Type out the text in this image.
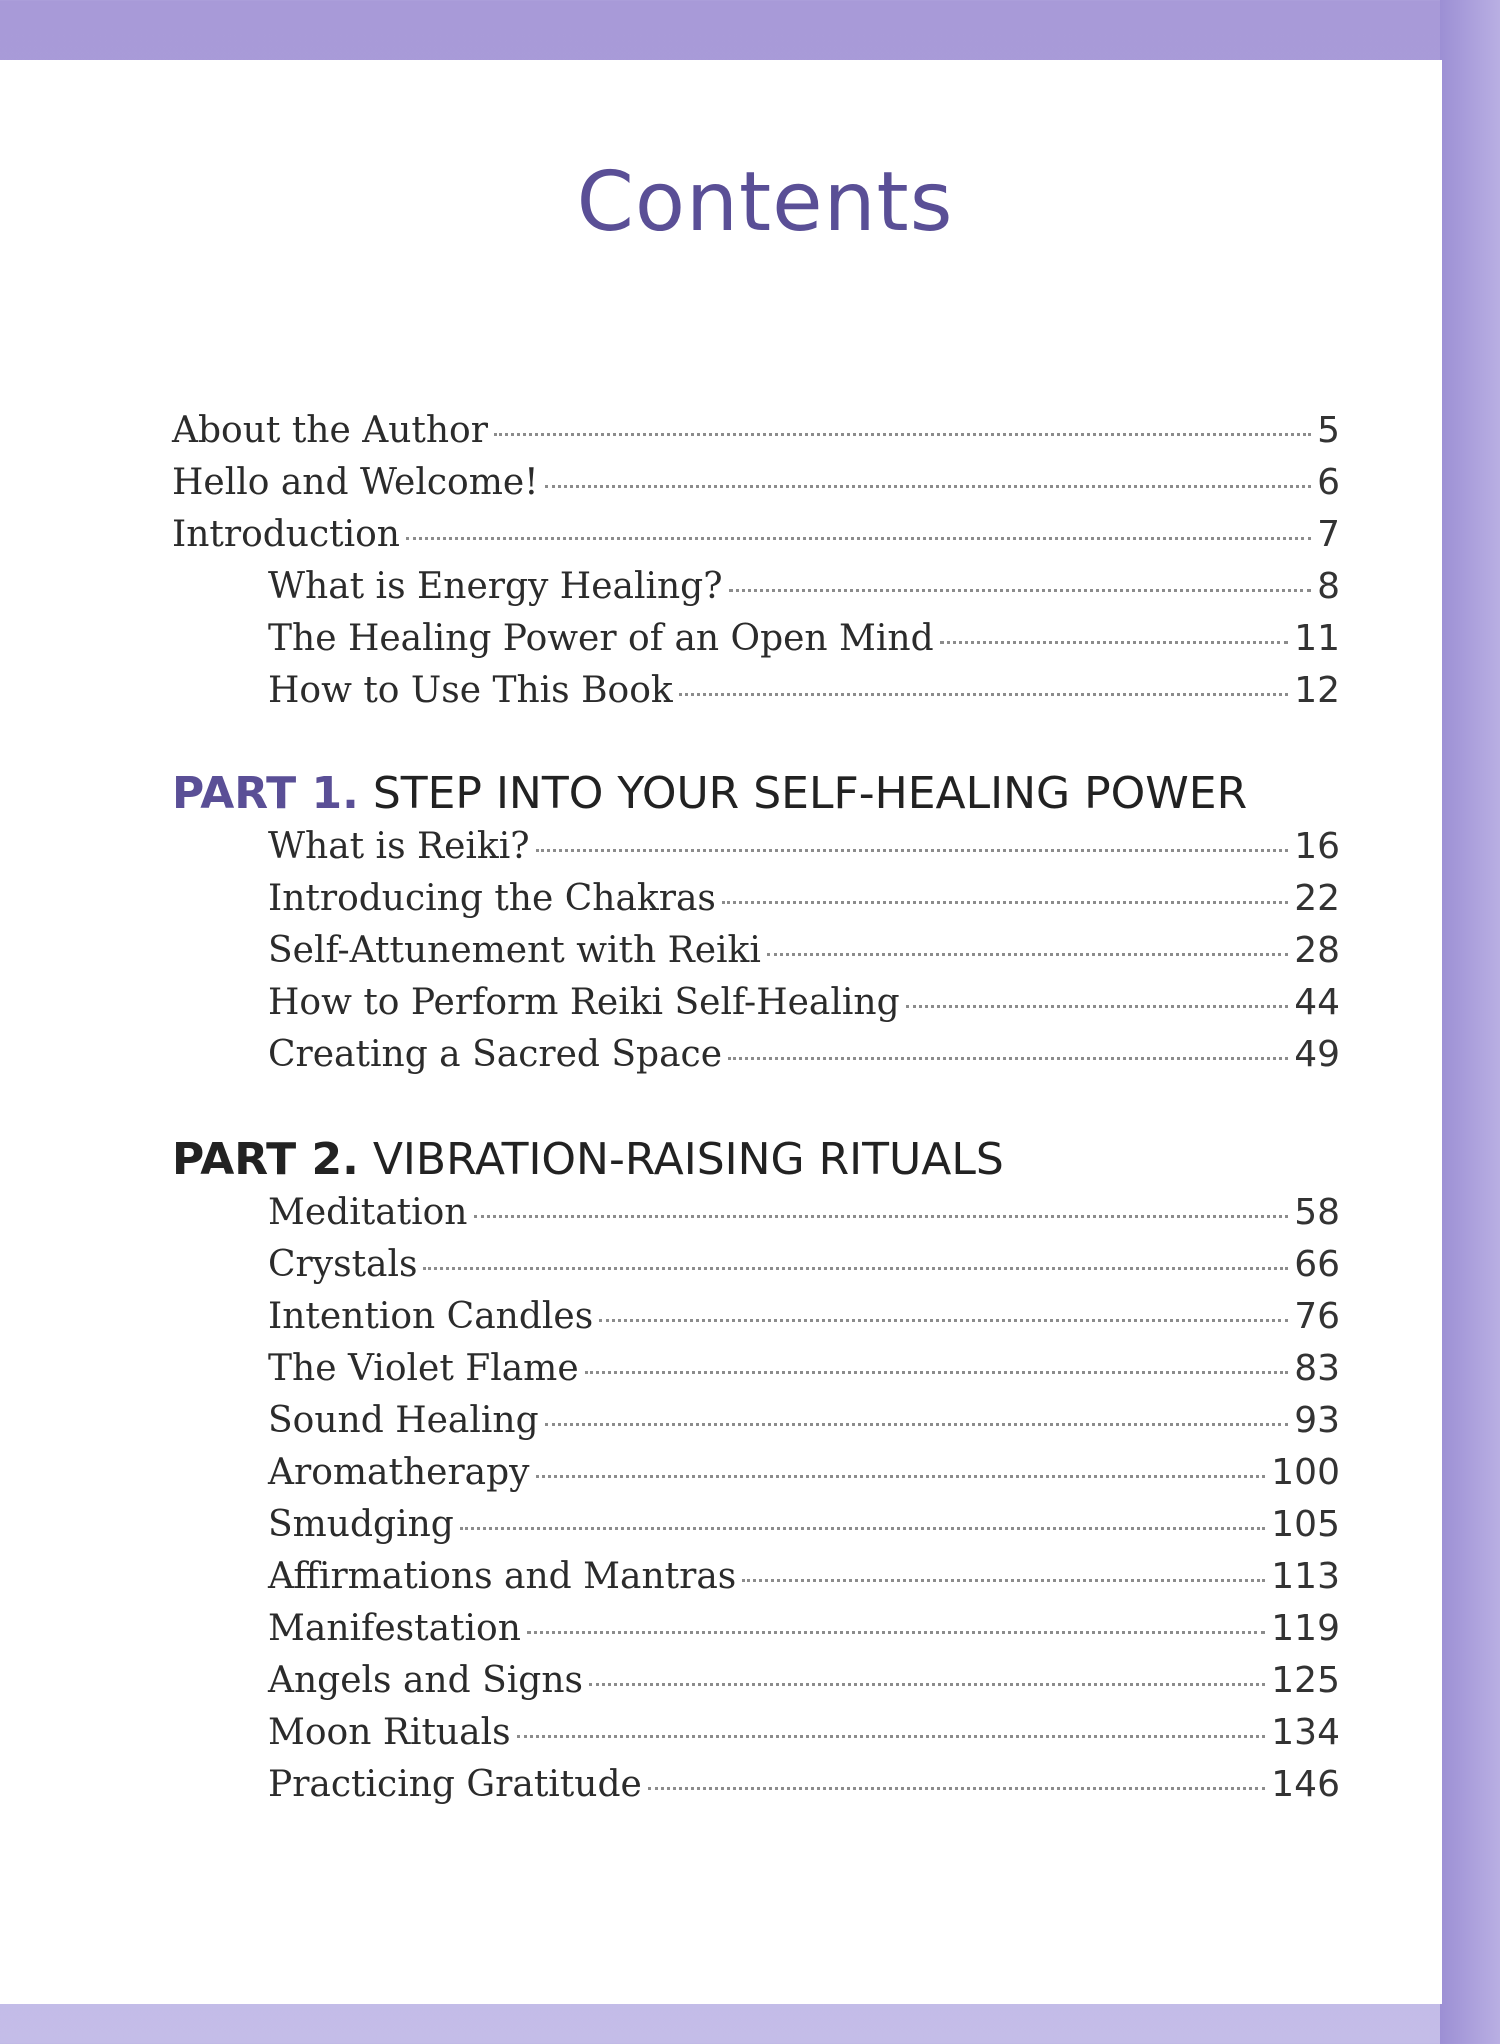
Contents
About the Author	5
Hello and Welcome!	6
Introduction	7
What is Energy Healing?	8
The Healing Power of an Open Mind	11
How to Use This Book	12
PART 1. STEP INTO YOUR SELF-HEALING POWER
What is Reiki?	16
Introducing the Chakras	22
Self-Attunement with Reiki	28
How to Perform Reiki Self-Healing	44
Creating a Sacred Space	49
PART 2. VIBRATION-RAISING RITUALS
Meditation	58
Crystals	66
Intention Candles	76
The Violet Flame	83
Sound Healing	93
Aromatherapy	100
Smudging	105
Affirmations and Mantras	113
Manifestation	119
Angels and Signs	125
Moon Rituals	134
Practicing Gratitude	146
